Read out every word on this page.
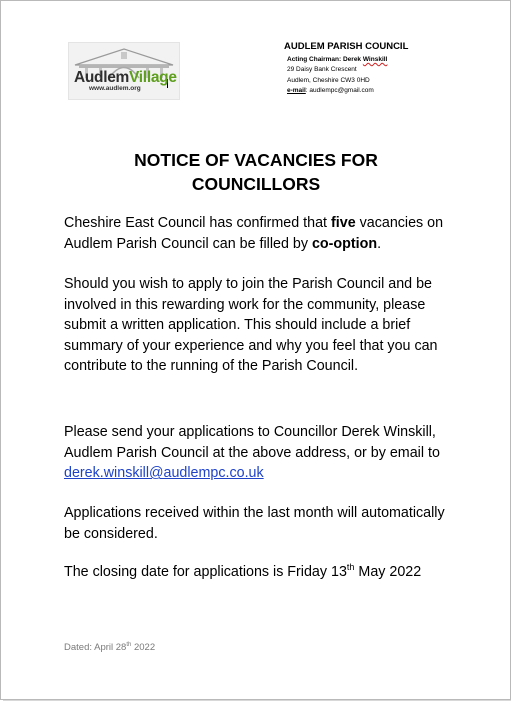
AudlemVillage
www.audlem.org
AUDLEM PARISH COUNCIL
Acting Chairman: Derek Winskill
29 Daisy Bank Crescent
Audlem, Cheshire CW3 0HD
e-mail: audlempc@gmail.com
NOTICE OF VACANCIES FOR
COUNCILLORS
Cheshire East Council has confirmed that five vacancies on Audlem Parish Council can be filled by co-option.
Should you wish to apply to join the Parish Council and be involved in this rewarding work for the community, please submit a written application. This should include a brief summary of your experience and why you feel that you can contribute to the running of the Parish Council.
Please send your applications to Councillor Derek Winskill, Audlem Parish Council at the above address, or by email to derek.winskill@audlempc.co.uk
Applications received within the last month will automatically be considered.
The closing date for applications is Friday 13th May 2022
Dated: April 28th 2022
